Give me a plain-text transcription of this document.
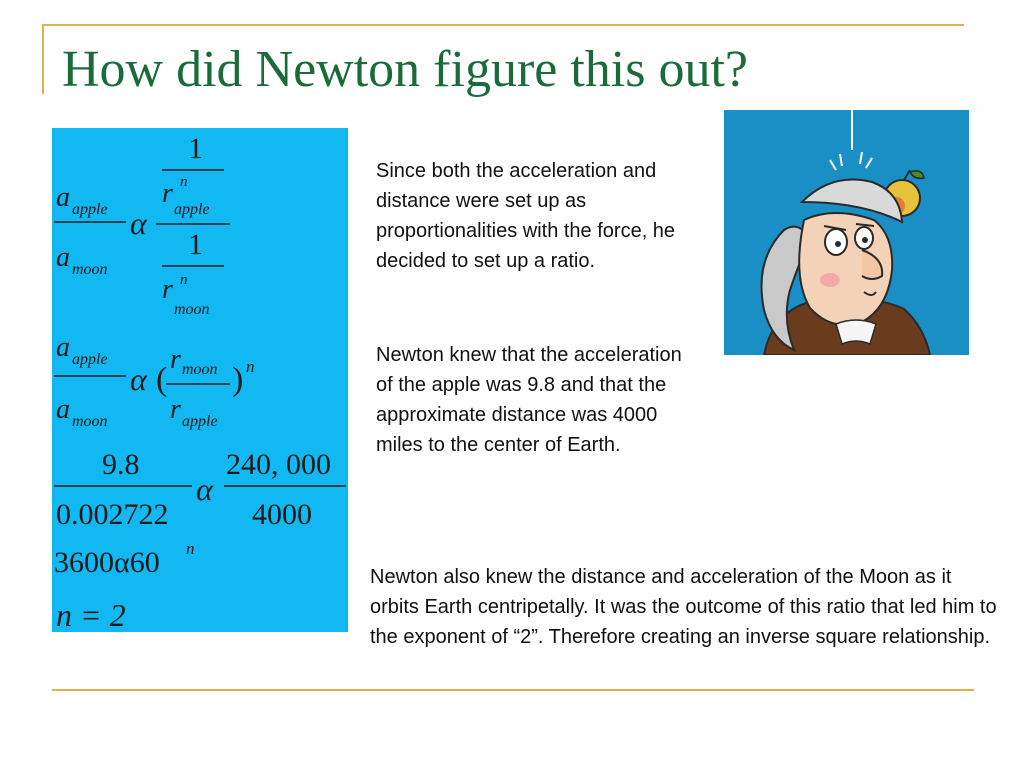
How did Newton figure this out?
a apple
a moon
α
1
r n
apple
1
r n
moon
a apple
a moon
α (
r moon
r apple
) n
9.8
0.002722
α
240, 000
4000
3600α60 n
n = 2

Since both the acceleration and distance were set up as proportionalities with the force, he decided to set up a ratio.

Newton knew that the acceleration of the apple was 9.8 and that the approximate distance was 4000 miles to the center of Earth.

Newton also knew the distance and acceleration of the Moon as it orbits Earth centripetally. It was the outcome of this ratio that led him to the exponent of “2”. Therefore creating an inverse square relationship.
